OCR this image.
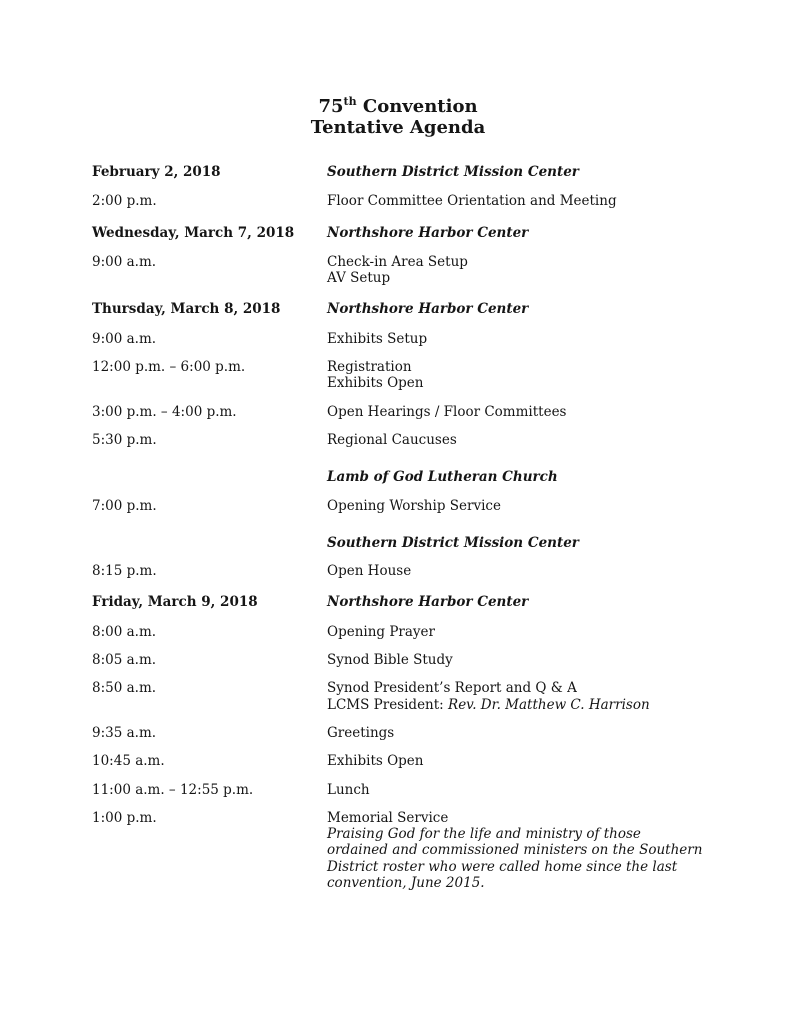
75th Convention
Tentative Agenda
February 2, 2018	Southern District Mission Center
2:00 p.m.	Floor Committee Orientation and Meeting
Wednesday, March 7, 2018	Northshore Harbor Center
9:00 a.m.	Check-in Area Setup
AV Setup
Thursday, March 8, 2018	Northshore Harbor Center
9:00 a.m.	Exhibits Setup
12:00 p.m. – 6:00 p.m.	Registration
Exhibits Open
3:00 p.m. – 4:00 p.m.	Open Hearings / Floor Committees
5:30 p.m.	Regional Caucuses
Lamb of God Lutheran Church
7:00 p.m.	Opening Worship Service
Southern District Mission Center
8:15 p.m.	Open House
Friday, March 9, 2018	Northshore Harbor Center
8:00 a.m.	Opening Prayer
8:05 a.m.	Synod Bible Study
8:50 a.m.	Synod President’s Report and Q & A
LCMS President: Rev. Dr. Matthew C. Harrison
9:35 a.m.	Greetings
10:45 a.m.	Exhibits Open
11:00 a.m. – 12:55 p.m.	Lunch
1:00 p.m.	Memorial Service
Praising God for the life and ministry of those ordained and commissioned ministers on the Southern District roster who were called home since the last convention, June 2015.
